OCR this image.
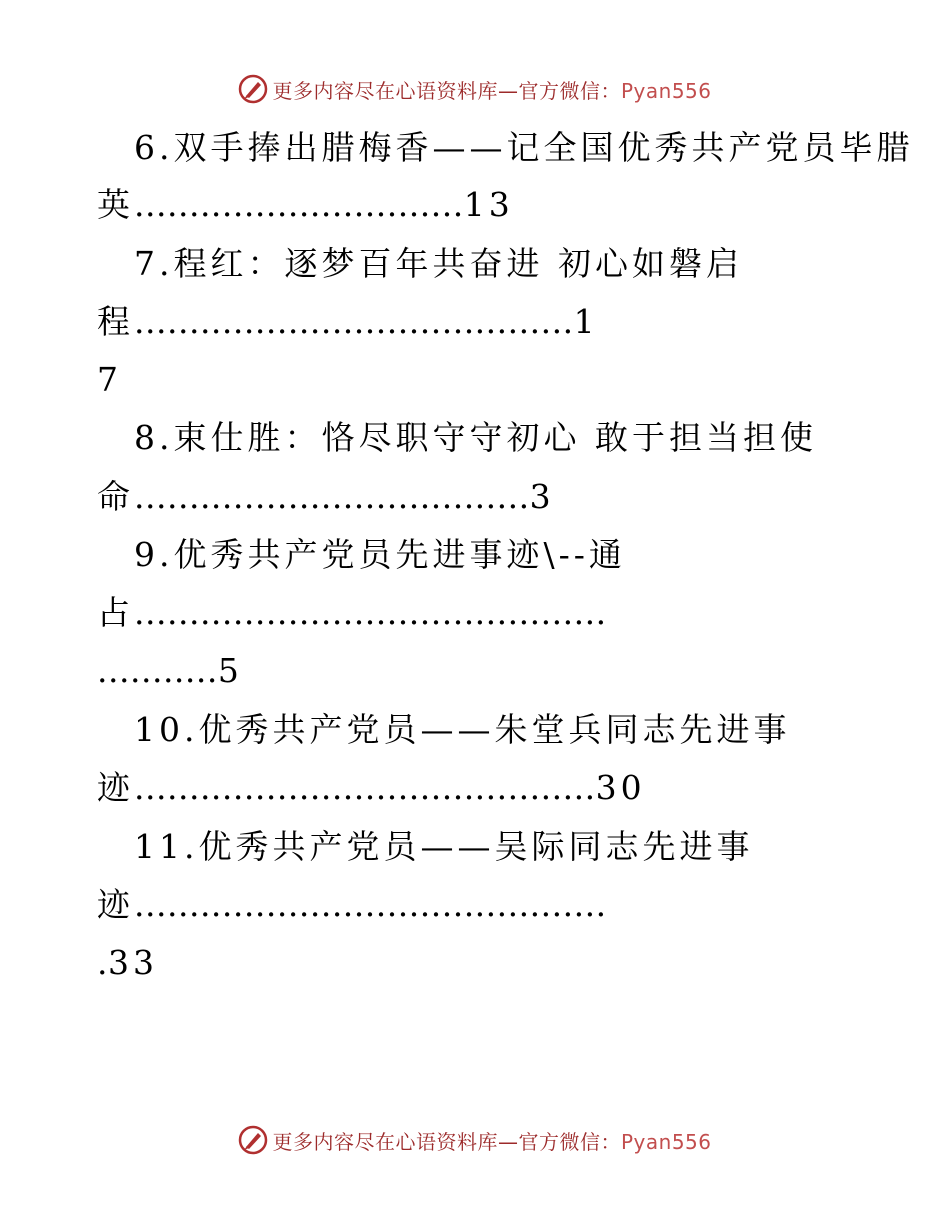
更多内容尽在心语资料库—官方微信：Pyan556
6.双手捧出腊梅香——记全国优秀共产党员毕腊
英..............................13
7.程红：逐梦百年共奋进 初心如磐启
程........................................1
7
8.束仕胜：恪尽职守守初心 敢于担当担使
命....................................3
9.优秀共产党员先进事迹\--通
占...........................................
...........5
10.优秀共产党员——朱堂兵同志先进事
迹..........................................30
11.优秀共产党员——吴际同志先进事
迹...........................................
.33
更多内容尽在心语资料库—官方微信：Pyan556
